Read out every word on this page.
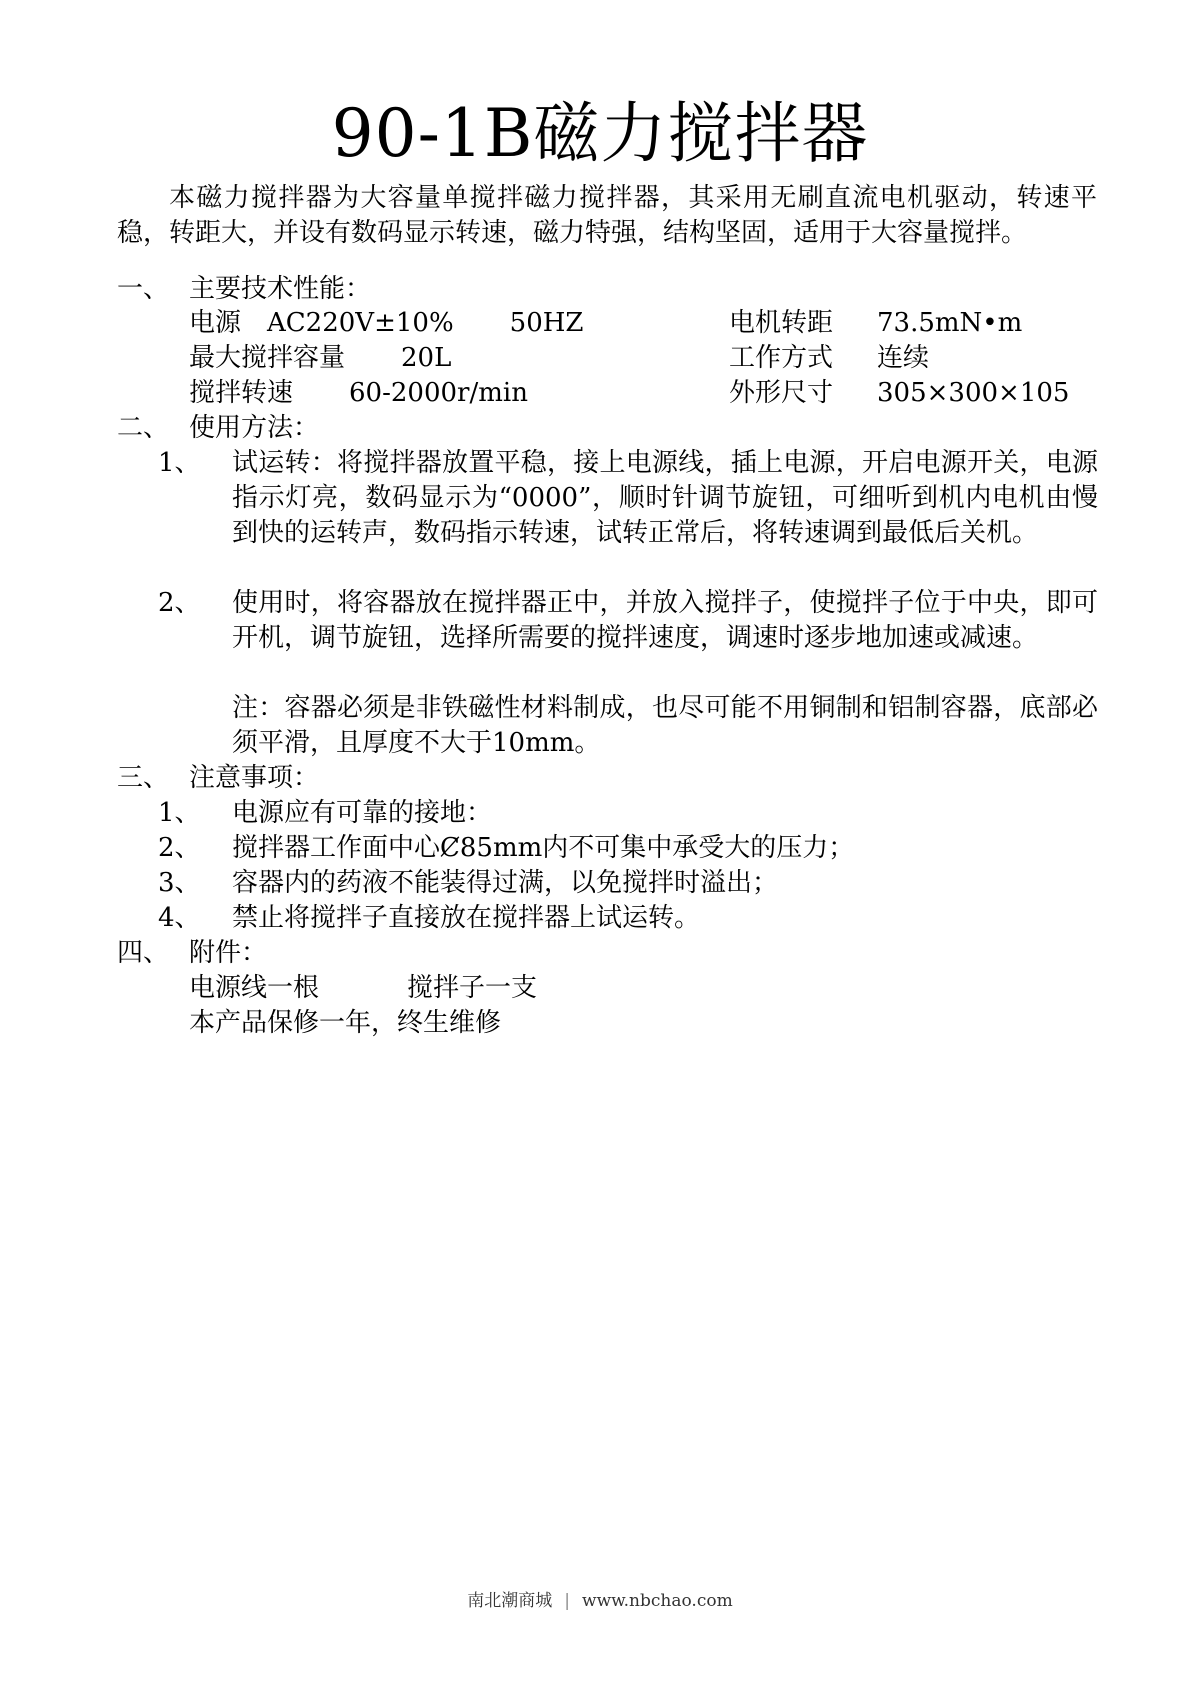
90-1B磁力搅拌器

本磁力搅拌器为大容量单搅拌磁力搅拌器，其采用无刷直流电机驱动，转速平稳，转距大，并设有数码显示转速，磁力特强，结构坚固，适用于大容量搅拌。

一、 主要技术性能：
电源 AC220V±10% 50HZ	电机转距 73.5mN•m
最大搅拌容量 20L	工作方式 连续
搅拌转速 60-2000r/min	外形尺寸 305×300×105
二、 使用方法：
1、	试运转：将搅拌器放置平稳，接上电源线，插上电源，开启电源开关，电源指示灯亮，数码显示为“0000”，顺时针调节旋钮，可细听到机内电机由慢到快的运转声，数码指示转速，试转正常后，将转速调到最低后关机。
2、	使用时，将容器放在搅拌器正中，并放入搅拌子，使搅拌子位于中央，即可开机，调节旋钮，选择所需要的搅拌速度，调速时逐步地加速或减速。
注：容器必须是非铁磁性材料制成，也尽可能不用铜制和铝制容器，底部必须平滑，且厚度不大于10mm。
三、 注意事项：
1、	电源应有可靠的接地：
2、	搅拌器工作面中心Ȼ85mm内不可集中承受大的压力；
3、	容器内的药液不能装得过满，以免搅拌时溢出；
4、	禁止将搅拌子直接放在搅拌器上试运转。
四、 附件：
电源线一根	搅拌子一支
本产品保修一年，终生维修
南北潮商城 | www.nbchao.com
